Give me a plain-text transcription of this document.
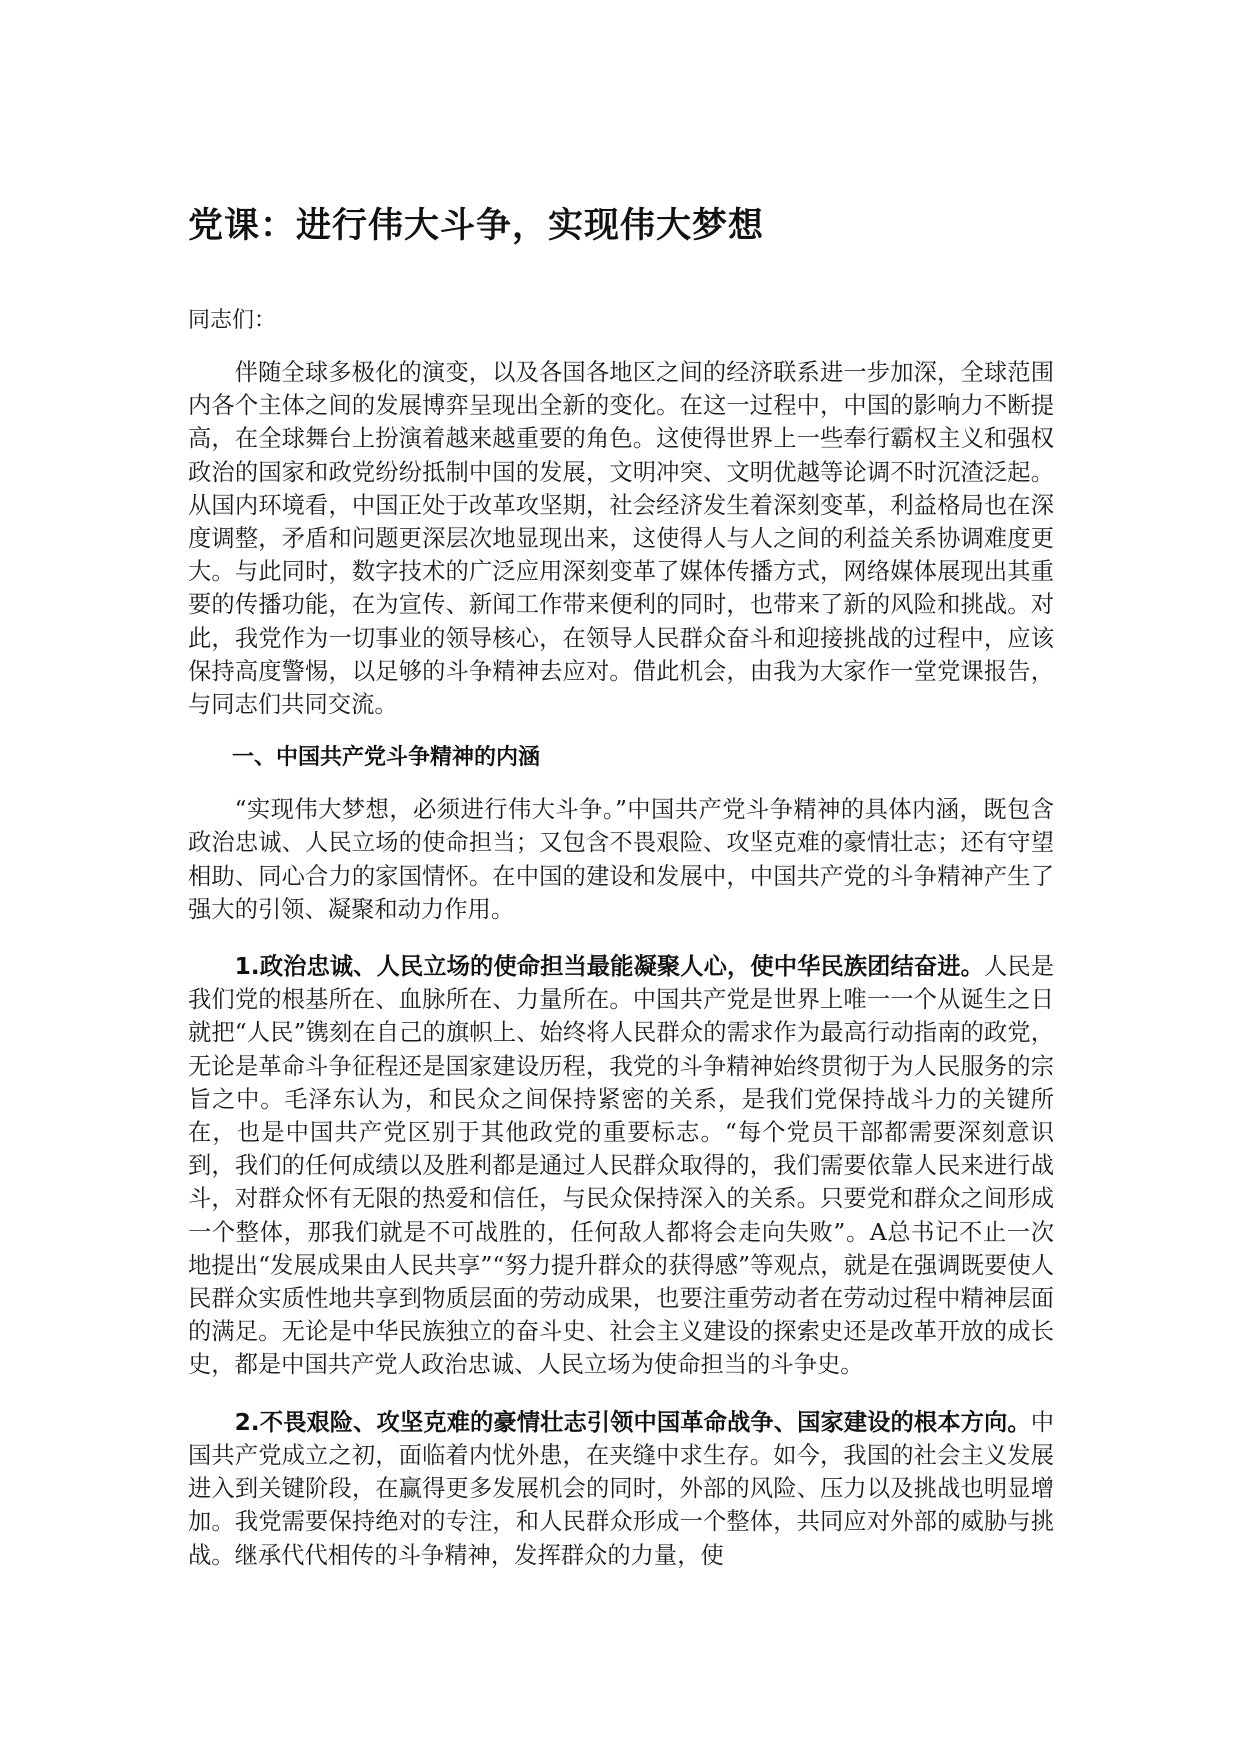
党课：进行伟大斗争，实现伟大梦想

同志们：

伴随全球多极化的演变，以及各国各地区之间的经济联系进一步加深，全球范围内各个主体之间的发展博弈呈现出全新的变化。在这一过程中，中国的影响力不断提高，在全球舞台上扮演着越来越重要的角色。这使得世界上一些奉行霸权主义和强权政治的国家和政党纷纷抵制中国的发展，文明冲突、文明优越等论调不时沉渣泛起。从国内环境看，中国正处于改革攻坚期，社会经济发生着深刻变革，利益格局也在深度调整，矛盾和问题更深层次地显现出来，这使得人与人之间的利益关系协调难度更大。与此同时，数字技术的广泛应用深刻变革了媒体传播方式，网络媒体展现出其重要的传播功能，在为宣传、新闻工作带来便利的同时，也带来了新的风险和挑战。对此，我党作为一切事业的领导核心，在领导人民群众奋斗和迎接挑战的过程中，应该保持高度警惕，以足够的斗争精神去应对。借此机会，由我为大家作一堂党课报告，与同志们共同交流。

一、中国共产党斗争精神的内涵

“实现伟大梦想，必须进行伟大斗争。”中国共产党斗争精神的具体内涵，既包含政治忠诚、人民立场的使命担当；又包含不畏艰险、攻坚克难的豪情壮志；还有守望相助、同心合力的家国情怀。在中国的建设和发展中，中国共产党的斗争精神产生了强大的引领、凝聚和动力作用。

1.政治忠诚、人民立场的使命担当最能凝聚人心，使中华民族团结奋进。人民是我们党的根基所在、血脉所在、力量所在。中国共产党是世界上唯一一个从诞生之日就把“人民”镌刻在自己的旗帜上、始终将人民群众的需求作为最高行动指南的政党，无论是革命斗争征程还是国家建设历程，我党的斗争精神始终贯彻于为人民服务的宗旨之中。毛泽东认为，和民众之间保持紧密的关系，是我们党保持战斗力的关键所在，也是中国共产党区别于其他政党的重要标志。“每个党员干部都需要深刻意识到，我们的任何成绩以及胜利都是通过人民群众取得的，我们需要依靠人民来进行战斗，对群众怀有无限的热爱和信任，与民众保持深入的关系。只要党和群众之间形成一个整体，那我们就是不可战胜的，任何敌人都将会走向失败”。A总书记不止一次地提出“发展成果由人民共享”“努力提升群众的获得感”等观点，就是在强调既要使人民群众实质性地共享到物质层面的劳动成果，也要注重劳动者在劳动过程中精神层面的满足。无论是中华民族独立的奋斗史、社会主义建设的探索史还是改革开放的成长史，都是中国共产党人政治忠诚、人民立场为使命担当的斗争史。

2.不畏艰险、攻坚克难的豪情壮志引领中国革命战争、国家建设的根本方向。中国共产党成立之初，面临着内忧外患，在夹缝中求生存。如今，我国的社会主义发展进入到关键阶段，在赢得更多发展机会的同时，外部的风险、压力以及挑战也明显增加。我党需要保持绝对的专注，和人民群众形成一个整体，共同应对外部的威胁与挑战。继承代代相传的斗争精神，发挥群众的力量，使
